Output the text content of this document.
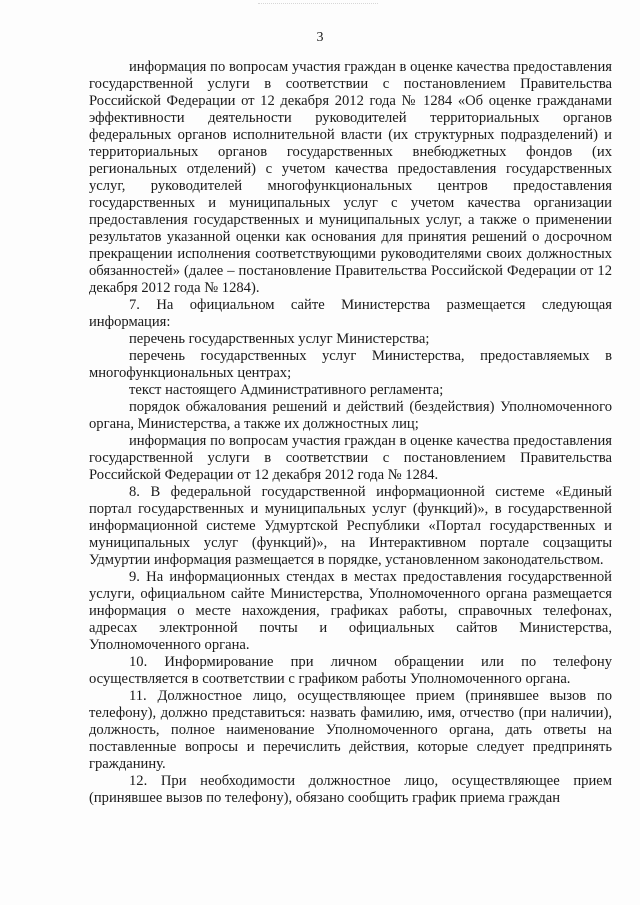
3

информация по вопросам участия граждан в оценке качества предоставления государственной услуги в соответствии с постановлением Правительства Российской Федерации от 12 декабря 2012 года № 1284 «Об оценке гражданами эффективности деятельности руководителей территориальных органов федеральных органов исполнительной власти (их структурных подразделений) и территориальных органов государственных внебюджетных фондов (их региональных отделений) с учетом качества предоставления государственных услуг, руководителей многофункциональных центров предоставления государственных и муниципальных услуг с учетом качества организации предоставления государственных и муниципальных услуг, а также о применении результатов указанной оценки как основания для принятия решений о досрочном прекращении исполнения соответствующими руководителями своих должностных обязанностей» (далее – постановление Правительства Российской Федерации от 12 декабря 2012 года № 1284).

7. На официальном сайте Министерства размещается следующая информация:

перечень государственных услуг Министерства;

перечень государственных услуг Министерства, предоставляемых в многофункциональных центрах;

текст настоящего Административного регламента;

порядок обжалования решений и действий (бездействия) Уполномоченного органа, Министерства, а также их должностных лиц;

информация по вопросам участия граждан в оценке качества предоставления государственной услуги в соответствии с постановлением Правительства Российской Федерации от 12 декабря 2012 года № 1284.

8. В федеральной государственной информационной системе «Единый портал государственных и муниципальных услуг (функций)», в государственной информационной системе Удмуртской Республики «Портал государственных и муниципальных услуг (функций)», на Интерактивном портале соцзащиты Удмуртии информация размещается в порядке, установленном законодательством.

9. На информационных стендах в местах предоставления государственной услуги, официальном сайте Министерства, Уполномоченного органа размещается информация о месте нахождения, графиках работы, справочных телефонах, адресах электронной почты и официальных сайтов Министерства, Уполномоченного органа.

10. Информирование при личном обращении или по телефону осуществляется в соответствии с графиком работы Уполномоченного органа.

11. Должностное лицо, осуществляющее прием (принявшее вызов по телефону), должно представиться: назвать фамилию, имя, отчество (при наличии), должность, полное наименование Уполномоченного органа, дать ответы на поставленные вопросы и перечислить действия, которые следует предпринять гражданину.

12. При необходимости должностное лицо, осуществляющее прием (принявшее вызов по телефону), обязано сообщить график приема граждан
